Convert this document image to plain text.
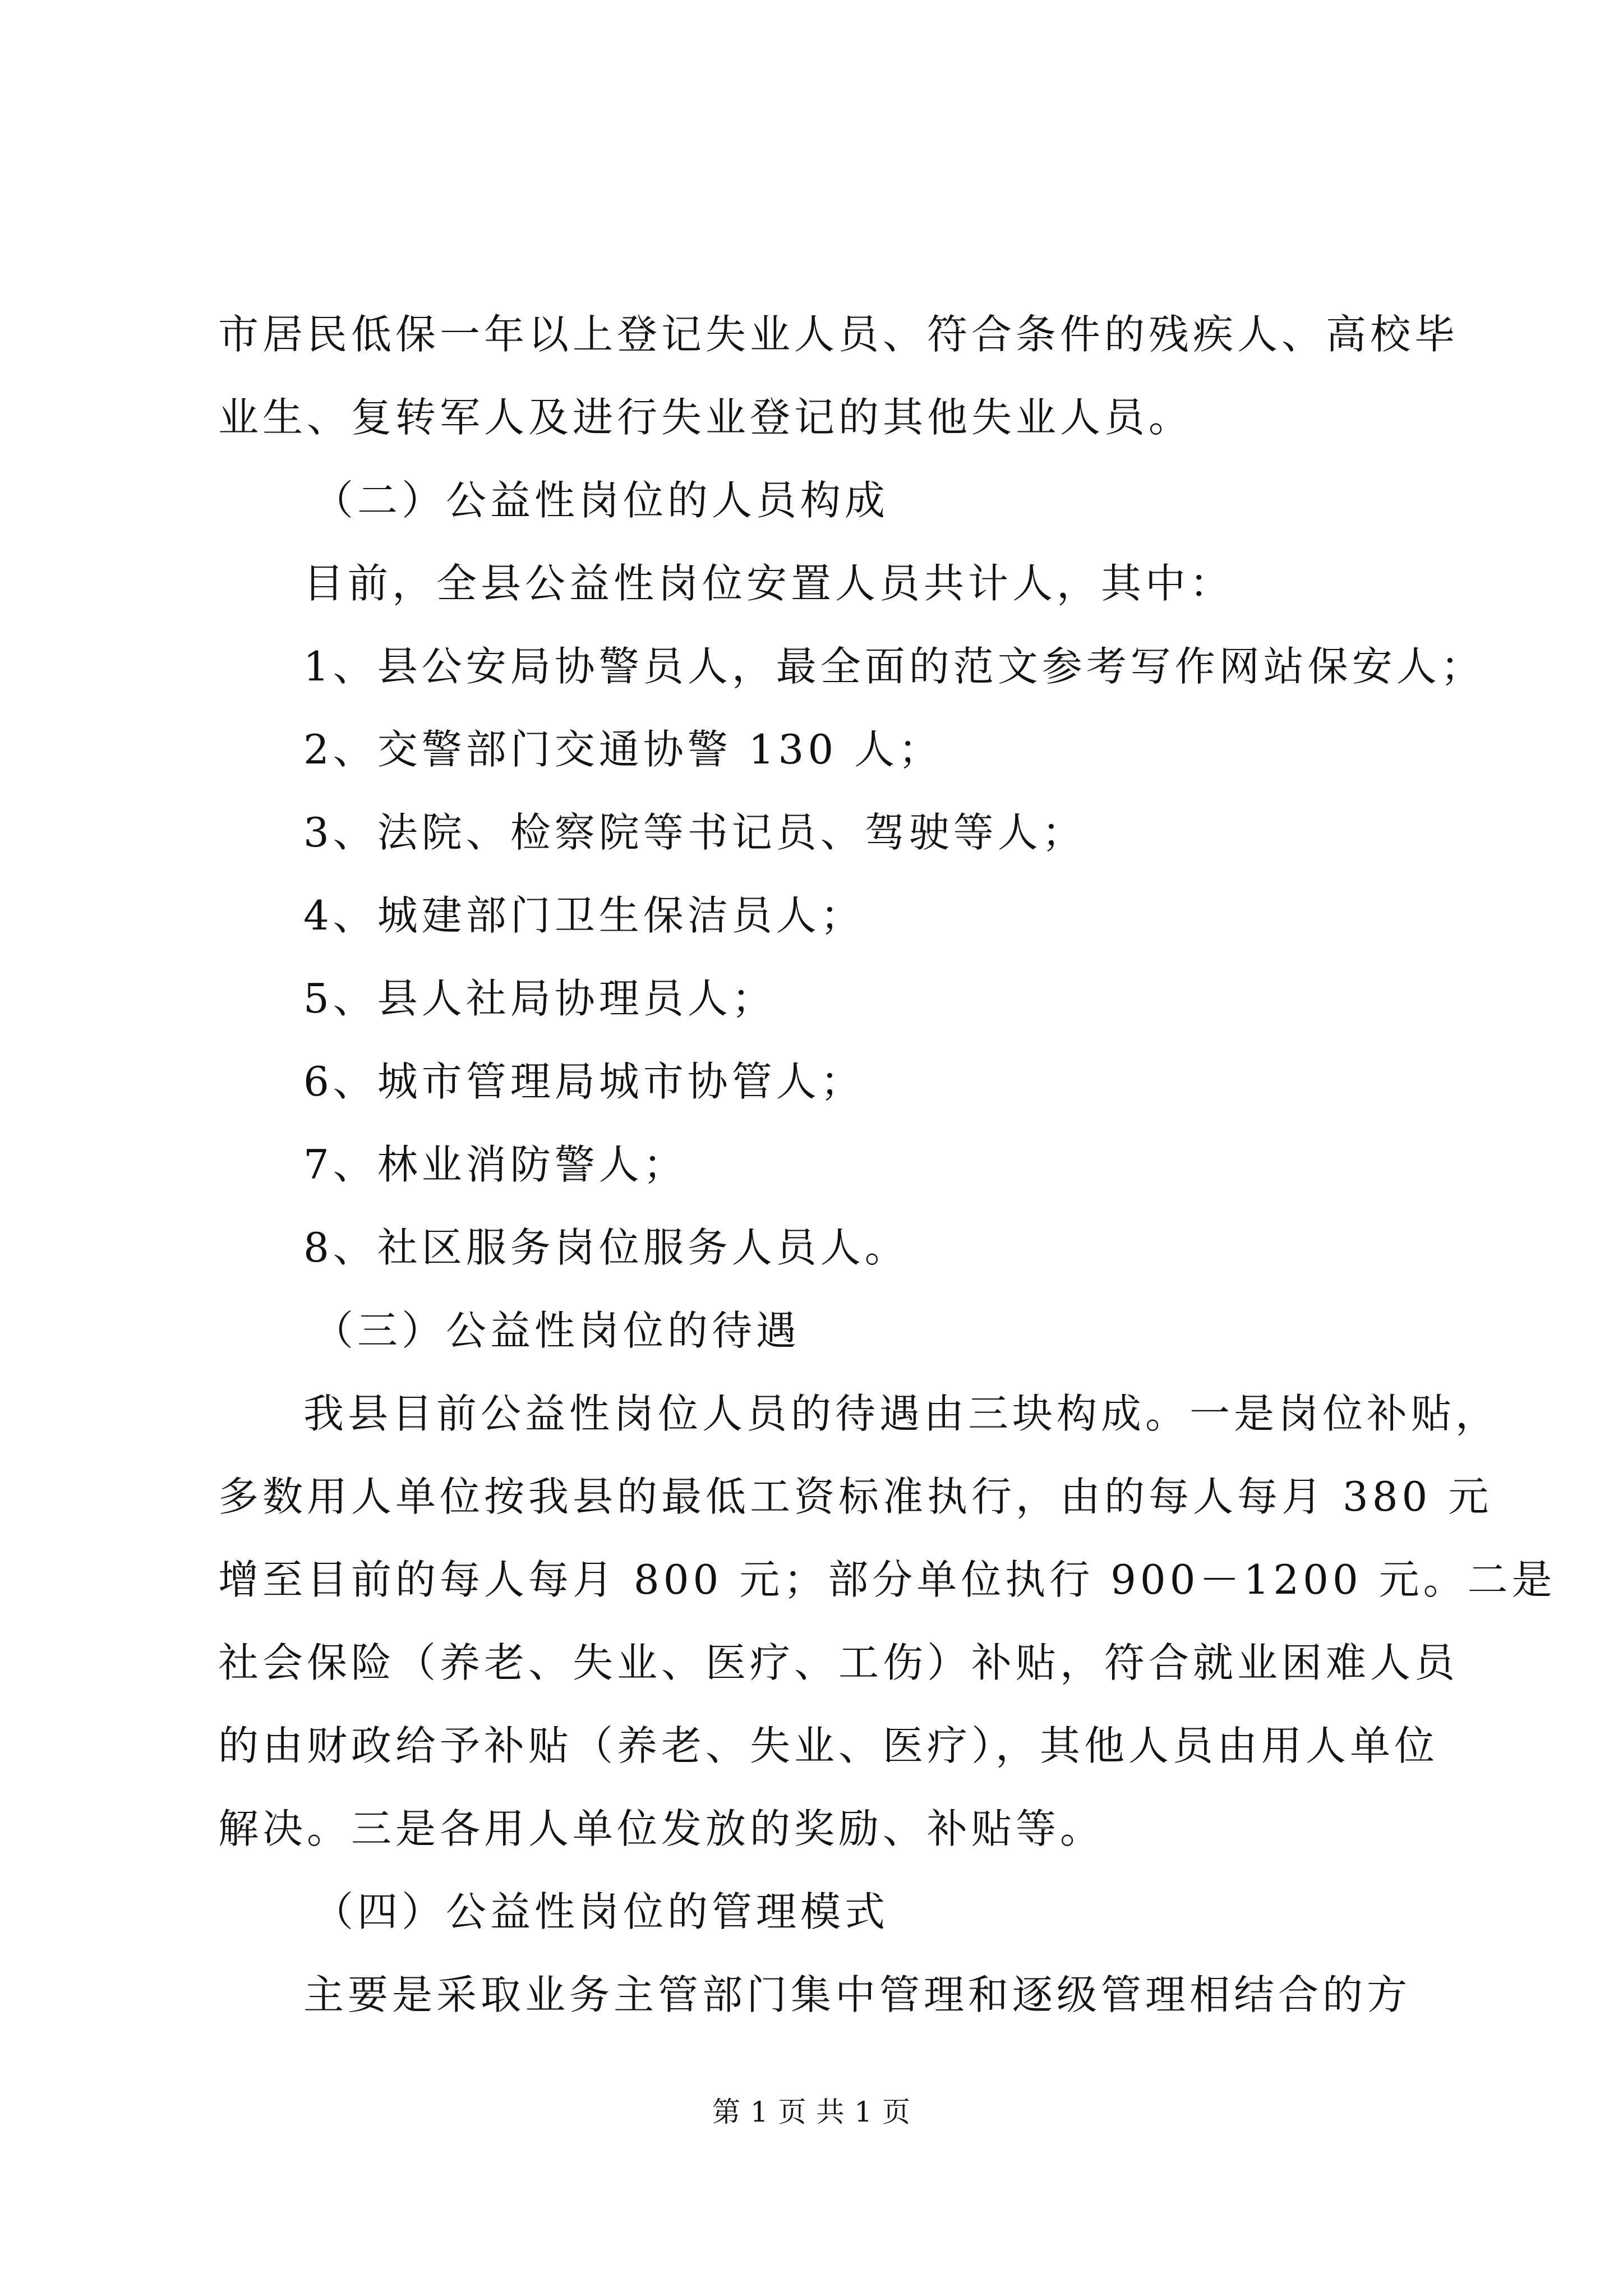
市居民低保一年以上登记失业人员、符合条件的残疾人、高校毕
业生、复转军人及进行失业登记的其他失业人员。
（二）公益性岗位的人员构成
目前，全县公益性岗位安置人员共计人，其中：
1、县公安局协警员人，最全面的范文参考写作网站保安人；
2、交警部门交通协警 130 人；
3、法院、检察院等书记员、驾驶等人；
4、城建部门卫生保洁员人；
5、县人社局协理员人；
6、城市管理局城市协管人；
7、林业消防警人；
8、社区服务岗位服务人员人。
（三）公益性岗位的待遇
我县目前公益性岗位人员的待遇由三块构成。一是岗位补贴，
多数用人单位按我县的最低工资标准执行，由的每人每月 380 元
增至目前的每人每月 800 元；部分单位执行 900－1200 元。二是
社会保险（养老、失业、医疗、工伤）补贴，符合就业困难人员
的由财政给予补贴（养老、失业、医疗），其他人员由用人单位
解决。三是各用人单位发放的奖励、补贴等。
（四）公益性岗位的管理模式
主要是采取业务主管部门集中管理和逐级管理相结合的方
第 1 页 共 1 页
